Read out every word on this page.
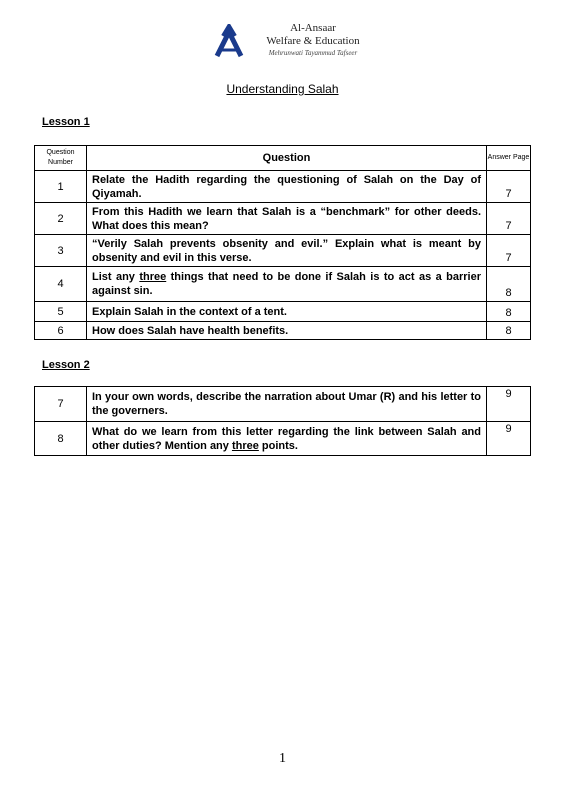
Al-Ansaar
Welfare & Education
Mehrunwati Tayammud Tafseer
Understanding Salah
Lesson 1
Question Number	Question	Answer Page
1	Relate the Hadith regarding the questioning of Salah on the Day of Qiyamah.	7
2	From this Hadith we learn that Salah is a “benchmark” for other deeds. What does this mean?	7
3	“Verily Salah prevents obsenity and evil.” Explain what is meant by obsenity and evil in this verse.	7
4	List any three things that need to be done if Salah is to act as a barrier against sin.	8
5	Explain Salah in the context of a tent.	8
6	How does Salah have health benefits.	8
Lesson 2
7	In your own words, describe the narration about Umar (R) and his letter to the governers.	9
8	What do we learn from this letter regarding the link between Salah and other duties? Mention any three points.	9
1
